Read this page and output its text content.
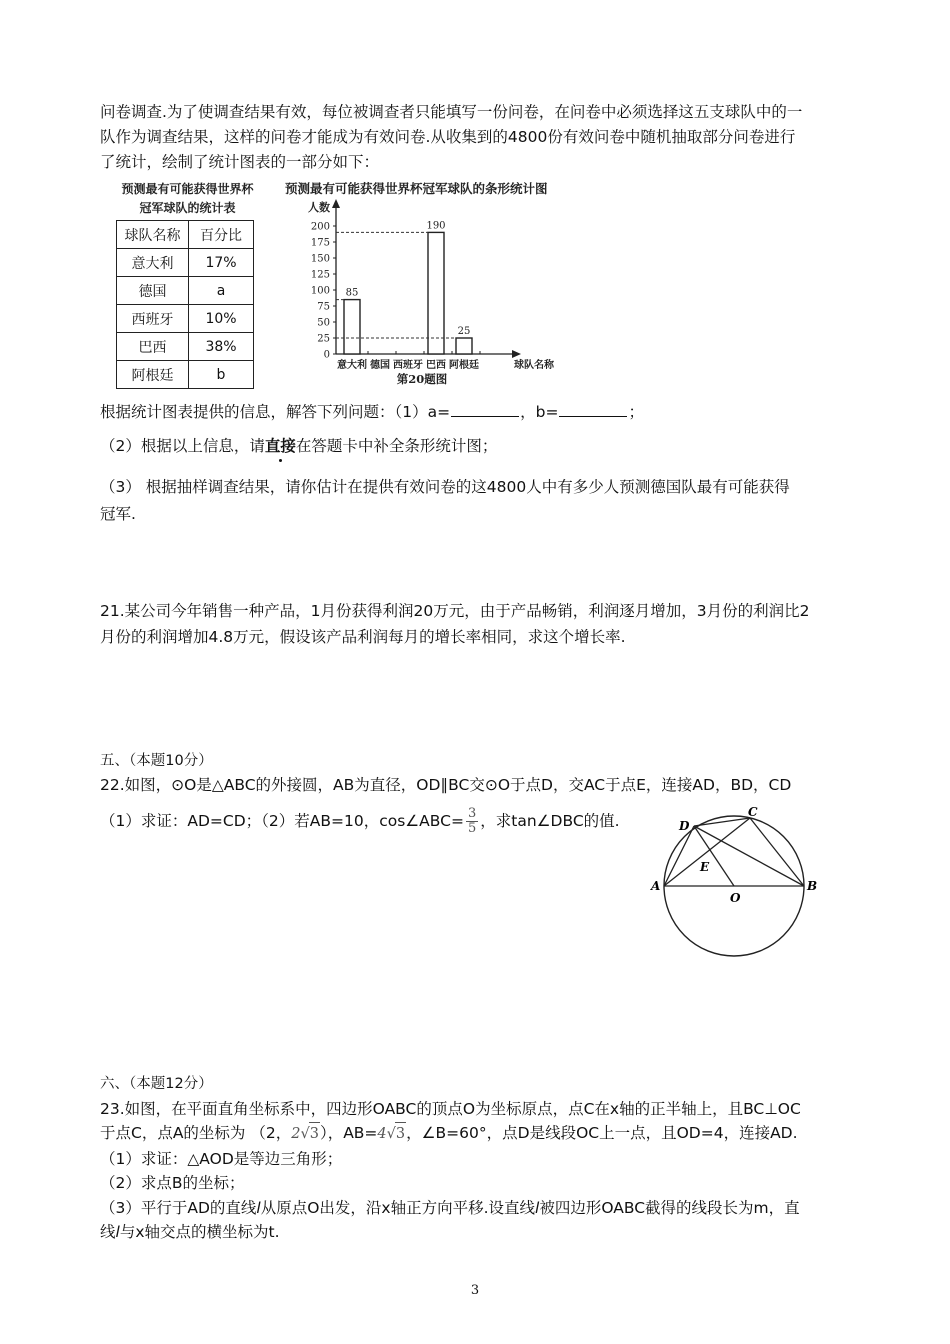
问卷调查.为了使调查结果有效，每位被调查者只能填写一份问卷，在问卷中必须选择这五支球队中的一
队作为调查结果，这样的问卷才能成为有效问卷.从收集到的4800份有效问卷中随机抽取部分问卷进行
了统计，绘制了统计图表的一部分如下：
预测最有可能获得世界杯
冠军球队的统计表
球队名称	百分比
意大利	17%
德国	a
西班牙	10%
巴西	38%
阿根廷	b
预测最有可能获得世界杯冠军球队的条形统计图
0
25
50
75
100
125
150
175
200
人数
意大利
85
德国 西班牙 巴西
190
阿根廷
25
球队名称
第20题图
根据统计图表提供的信息，解答下列问题：（1）a=	，b=	；
（2）根据以上信息，请直接在答题卡中补全条形统计图；
（3） 根据抽样调查结果，请你估计在提供有效问卷的这4800人中有多少人预测德国队最有可能获得
冠军.
21.某公司今年销售一种产品，1月份获得利润20万元，由于产品畅销，利润逐月增加，3月份的利润比2
月份的利润增加4.8万元，假设该产品利润每月的增长率相同，求这个增长率.
五、（本题10分）
22.如图，⊙O是△ABC的外接圆，AB为直径，OD∥BC交⊙O于点D，交AC于点E，连接AD，BD，CD
（1）求证：AD=CD；（2）若AB=10，cos∠ABC= $\frac{3}{5}$ ，求tan∠DBC的值.
A	B
C
D
E
O
六、（本题12分）
23.如图，在平面直角坐标系中，四边形OABC的顶点O为坐标原点，点C在x轴的正半轴上，且BC⊥OC
于点C，点A的坐标为 （2，2√3），AB=4√3，∠B=60°，点D是线段OC上一点，且OD=4，连接AD.
（1）求证：△AOD是等边三角形；
（2）求点B的坐标；
（3）平行于AD的直线l从原点O出发，沿x轴正方向平移.设直线l被四边形OABC截得的线段长为m，直
线l与x轴交点的横坐标为t.
3
